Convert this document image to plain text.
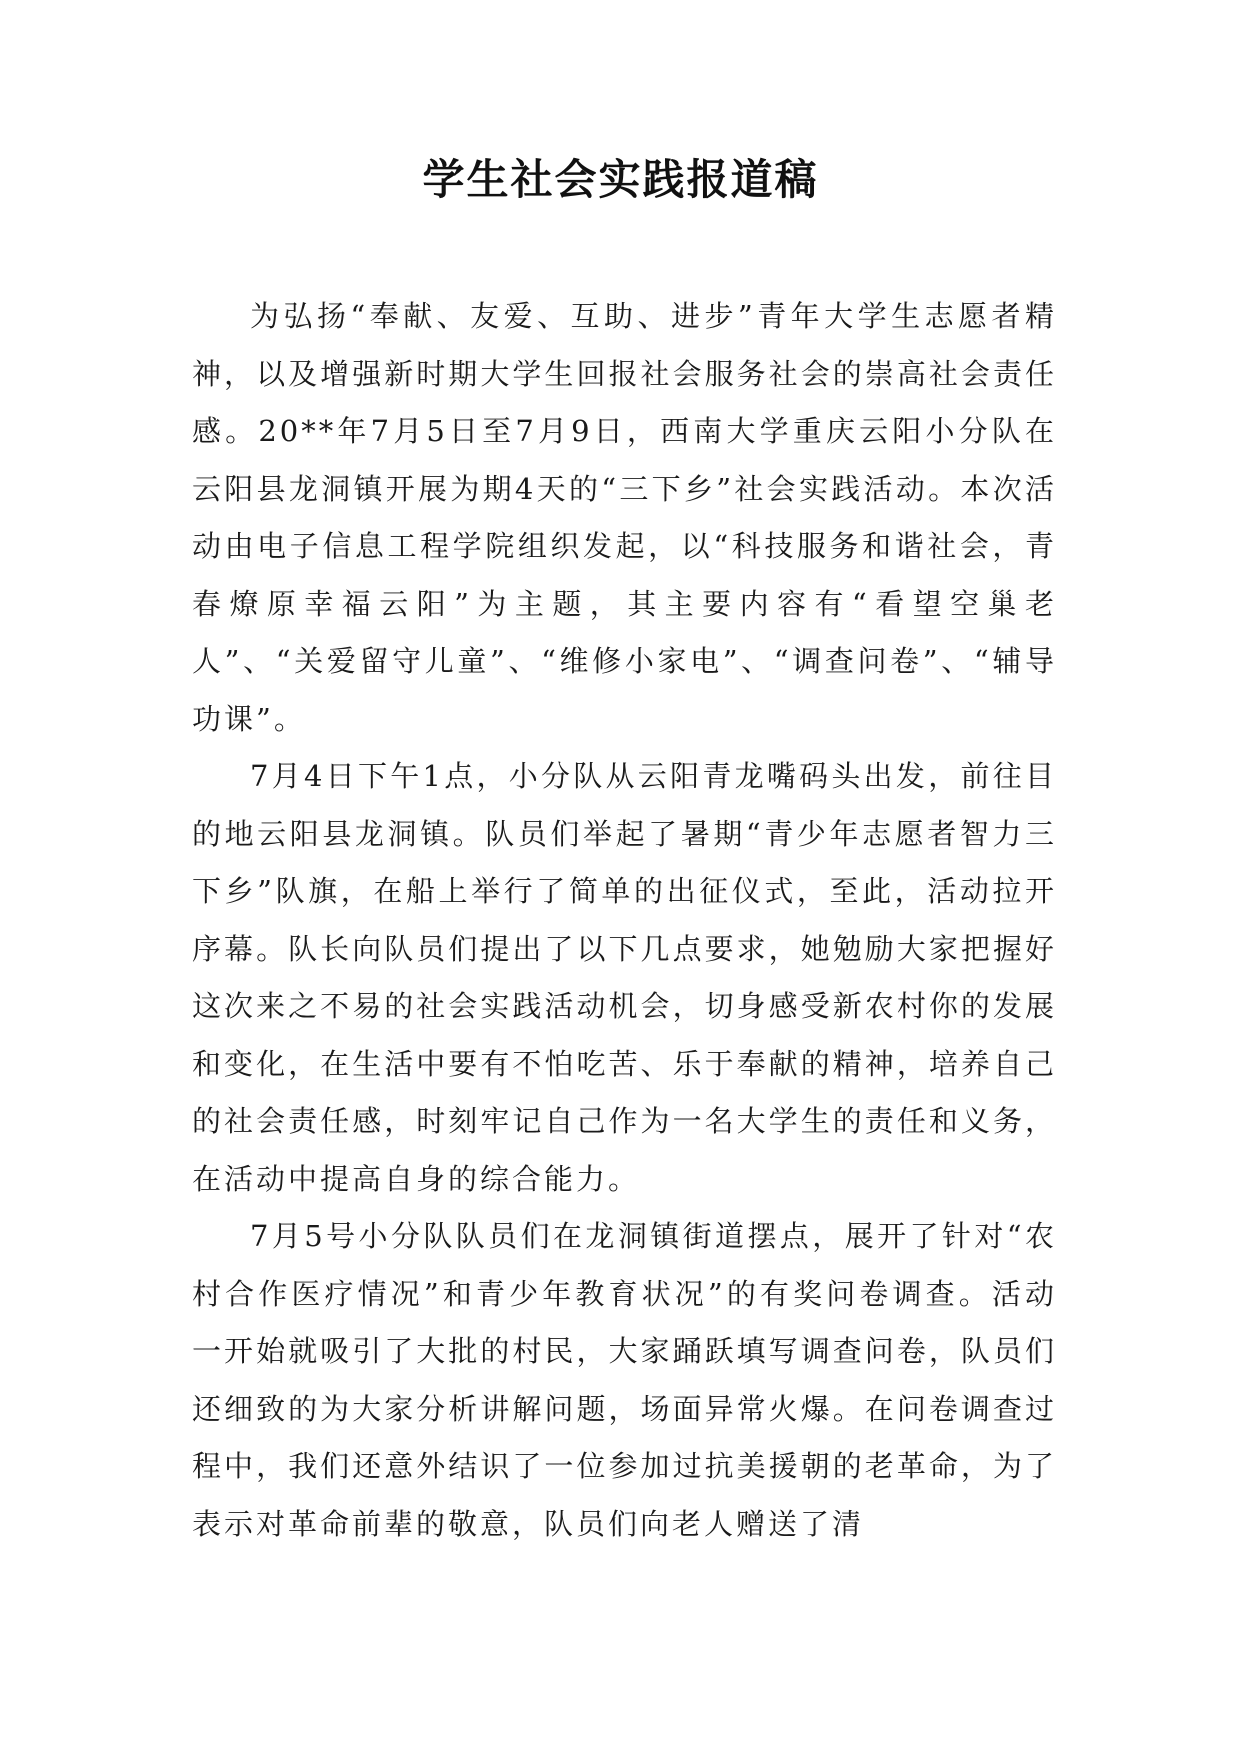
学生社会实践报道稿

为弘扬“奉献、友爱、互助、进步”青年大学生志愿者精神，以及增强新时期大学生回报社会服务社会的崇高社会责任感。20**年7月5日至7月9日，西南大学重庆云阳小分队在云阳县龙洞镇开展为期4天的“三下乡”社会实践活动。本次活动由电子信息工程学院组织发起，以“科技服务和谐社会，青春燎原幸福云阳”为主题，其主要内容有“看望空巢老人”、“关爱留守儿童”、“维修小家电”、“调查问卷”、“辅导功课”。

7月4日下午1点，小分队从云阳青龙嘴码头出发，前往目的地云阳县龙洞镇。队员们举起了暑期“青少年志愿者智力三下乡”队旗，在船上举行了简单的出征仪式，至此，活动拉开序幕。队长向队员们提出了以下几点要求，她勉励大家把握好这次来之不易的社会实践活动机会，切身感受新农村你的发展和变化，在生活中要有不怕吃苦、乐于奉献的精神，培养自己的社会责任感，时刻牢记自己作为一名大学生的责任和义务，在活动中提高自身的综合能力。

7月5号小分队队员们在龙洞镇街道摆点，展开了针对“农村合作医疗情况”和青少年教育状况”的有奖问卷调查。活动一开始就吸引了大批的村民，大家踊跃填写调查问卷，队员们还细致的为大家分析讲解问题，场面异常火爆。在问卷调查过程中，我们还意外结识了一位参加过抗美援朝的老革命，为了表示对革命前辈的敬意，队员们向老人赠送了清
